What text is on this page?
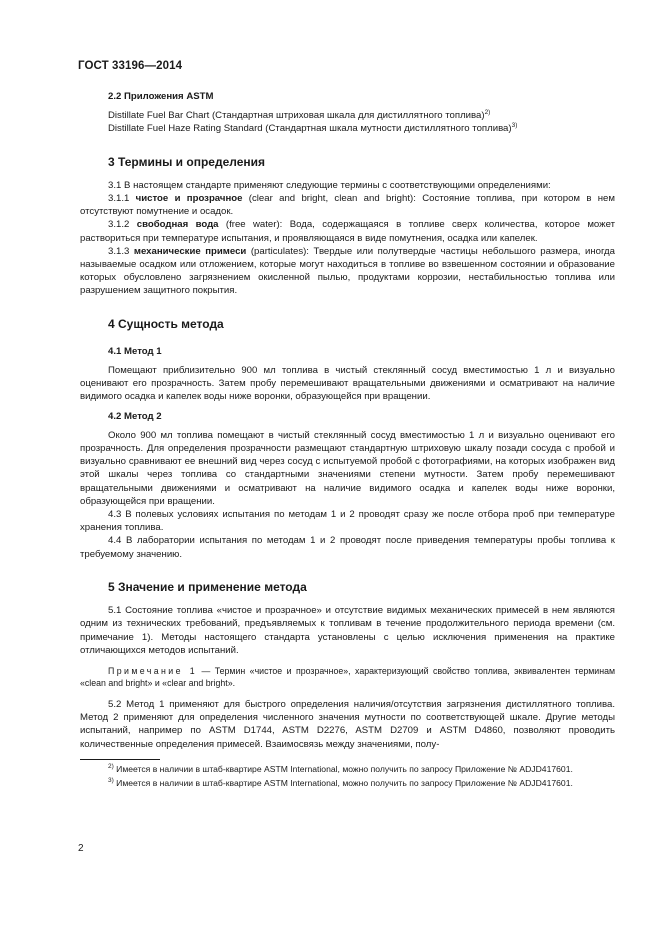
ГОСТ 33196—2014

2.2 Приложения ASTM

Distillate Fuel Bar Chart (Стандартная штриховая шкала для дистиллятного топлива)$^{2)}$

Distillate Fuel Haze Rating Standard (Стандартная шкала мутности дистиллятного топлива)$^{3)}$

3 Термины и определения

3.1 В настоящем стандарте применяют следующие термины с соответствующими определениями:

3.1.1 чистое и прозрачное (clear and bright, clean and bright): Состояние топлива, при котором в нем отсутствуют помутнение и осадок.

3.1.2 свободная вода (free water): Вода, содержащаяся в топливе сверх количества, которое может раствориться при температуре испытания, и проявляющаяся в виде помутнения, осадка или капелек.

3.1.3 механические примеси (particulates): Твердые или полутвердые частицы небольшого размера, иногда называемые осадком или отложением, которые могут находиться в топливе во взвешенном состоянии и образование которых обусловлено загрязнением окисленной пылью, продуктами коррозии, нестабильностью топлива или разрушением защитного покрытия.

4 Сущность метода

4.1 Метод 1

Помещают приблизительно 900 мл топлива в чистый стеклянный сосуд вместимостью 1 л и визуально оценивают его прозрачность. Затем пробу перемешивают вращательными движениями и осматривают на наличие видимого осадка и капелек воды ниже воронки, образующейся при вращении.

4.2 Метод 2

Около 900 мл топлива помещают в чистый стеклянный сосуд вместимостью 1 л и визуально оценивают его прозрачность. Для определения прозрачности размещают стандартную штриховую шкалу позади сосуда с пробой и визуально сравнивают ее внешний вид через сосуд с испытуемой пробой с фотографиями, на которых изображен вид этой шкалы через топлива со стандартными значениями степени мутности. Затем пробу перемешивают вращательными движениями и осматривают на наличие видимого осадка и капелек воды ниже воронки, образующейся при вращении.

4.3 В полевых условиях испытания по методам 1 и 2 проводят сразу же после отбора проб при температуре хранения топлива.

4.4 В лаборатории испытания по методам 1 и 2 проводят после приведения температуры пробы топлива к требуемому значению.

5 Значение и применение метода

5.1 Состояние топлива «чистое и прозрачное» и отсутствие видимых механических примесей в нем являются одним из технических требований, предъявляемых к топливам в течение продолжительного периода времени (см. примечание 1). Методы настоящего стандарта установлены с целью исключения применения на практике отличающихся методов испытаний.

Примечание 1 — Термин «чистое и прозрачное», характеризующий свойство топлива, эквивалентен терминам «clean and bright» и «clear and bright».

5.2 Метод 1 применяют для быстрого определения наличия/отсутствия загрязнения дистиллятного топлива. Метод 2 применяют для определения численного значения мутности по соответствующей шкале. Другие методы испытаний, например по ASTM D1744, ASTM D2276, ASTM D2709 и ASTM D4860, позволяют проводить количественные определения примесей. Взаимосвязь между значениями, полу-

$^{2)}$ Имеется в наличии в штаб-квартире ASTM International, можно получить по запросу Приложение № ADJD417601.

$^{3)}$ Имеется в наличии в штаб-квартире ASTM International, можно получить по запросу Приложение № ADJD417601.

2
